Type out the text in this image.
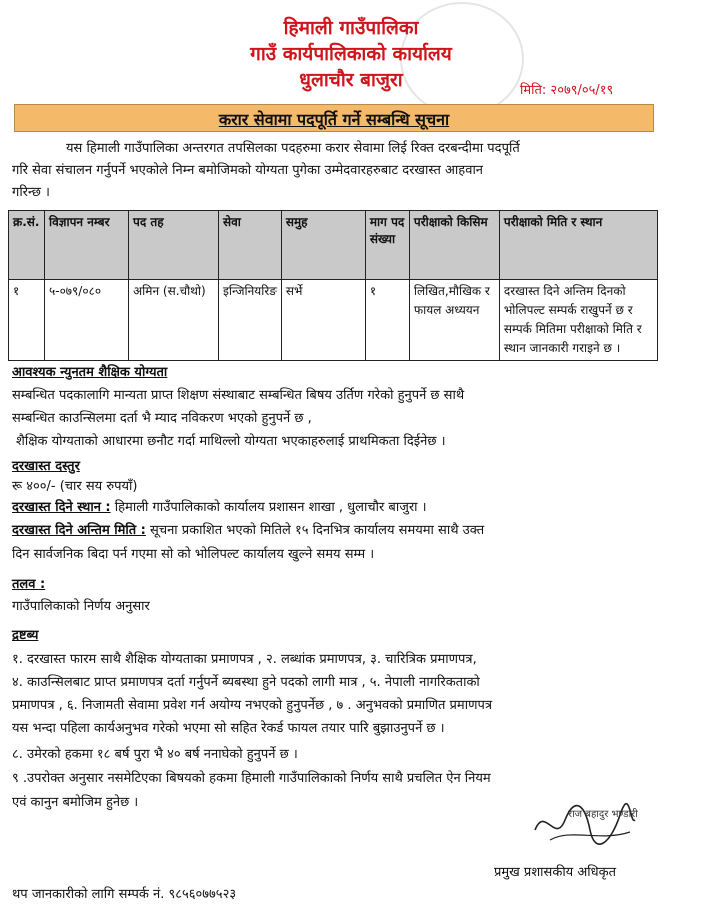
हिमाली गाउँपालिका
गाउँ कार्यपालिकाको कार्यालय
धुलाचौर बाजुरा	मिति: २०७९/०५/१९
करार सेवामा पदपूर्ति गर्ने सम्बन्धि सूचना
यस हिमाली गाउँपालिका अन्तरगत तपसिलका पदहरुमा करार सेवामा लिई रिक्त दरबन्दीमा पदपूर्ति
गरि सेवा संचालन गर्नुपर्ने भएकोले निम्न बमोजिमको योग्यता पुगेका उम्मेदवारहरुबाट दरखास्त आहवान
गरिन्छ ।
क्र.सं.	विज्ञापन नम्बर	पद तह	सेवा	समुह	माग पद संख्या	परीक्षाको किसिम	परीक्षाको मिति र स्थान
१	५-०७९/०८०	अमिन (स.चौथो)	इन्जिनियरिङ	सर्भे	१	लिखित,मौखिक र फायल अध्ययन	दरखास्त दिने अन्तिम दिनको भोलिपल्ट सम्पर्क राखुपर्ने छ र सम्पर्क मितिमा परीक्षाको मिति र स्थान जानकारी गराइने छ ।
आवश्यक न्युनतम शैक्षिक योग्यता
सम्बन्धित पदकालागि मान्यता प्राप्त शिक्षण संस्थाबाट सम्बन्धित बिषय उर्तिण गरेको हुनुपर्ने छ साथै
सम्बन्धित काउन्सिलमा दर्ता भै म्याद नविकरण भएको हुनुपर्ने छ ,
शैक्षिक योग्यताको आधारमा छनौट गर्दा माथिल्लो योग्यता भएकाहरुलाई प्राथमिकता दिईनेछ ।
दरखास्त दस्तुर
रू ४००/- (चार सय रुपयाँ)
दरखास्त दिने स्थान : हिमाली गाउँपालिकाको कार्यालय प्रशासन शाखा , धुलाचौर बाजुरा ।
दरखास्त दिने अन्तिम मिति : सूचना प्रकाशित भएको मितिले १५ दिनभित्र कार्यालय समयमा साथै उक्त
दिन सार्वजनिक बिदा पर्न गएमा सो को भोलिपल्ट कार्यालय खुल्ने समय सम्म ।
तलव :
गाउँपालिकाको निर्णय अनुसार
द्रष्टब्य
१. दरखास्त फारम साथै शैक्षिक योग्यताका प्रमाणपत्र , २. लब्धांक प्रमाणपत्र, ३. चारित्रिक प्रमाणपत्र,
४. काउन्सिलबाट प्राप्त प्रमाणपत्र दर्ता गर्नुपर्ने ब्यबस्था हुने पदको लागी मात्र , ५. नेपाली नागरिकताको
प्रमाणपत्र , ६. निजामती सेवामा प्रवेश गर्न अयोग्य नभएको हुनुपर्नेछ , ७ . अनुभवको प्रमाणित प्रमाणपत्र
यस भन्दा पहिला कार्यअनुभव गरेको भएमा सो सहित रेकर्ड फायल तयार पारि बुझाउनुपर्ने छ ।
८. उमेरको हकमा १८ बर्ष पुरा भै ४० बर्ष ननाघेको हुनुपर्ने छ ।
९ .उपरोक्त अनुसार नसमेटिएका बिषयको हकमा हिमाली गाउँपालिकाको निर्णय साथै प्रचलित ऐन नियम
एवं कानुन बमोजिम हुनेछ ।
राज बहादुर भण्डारी
प्रमुख प्रशासकीय अधिकृत
थप जानकारीको लागि सम्पर्क नं. ९८५६०७७५२३
